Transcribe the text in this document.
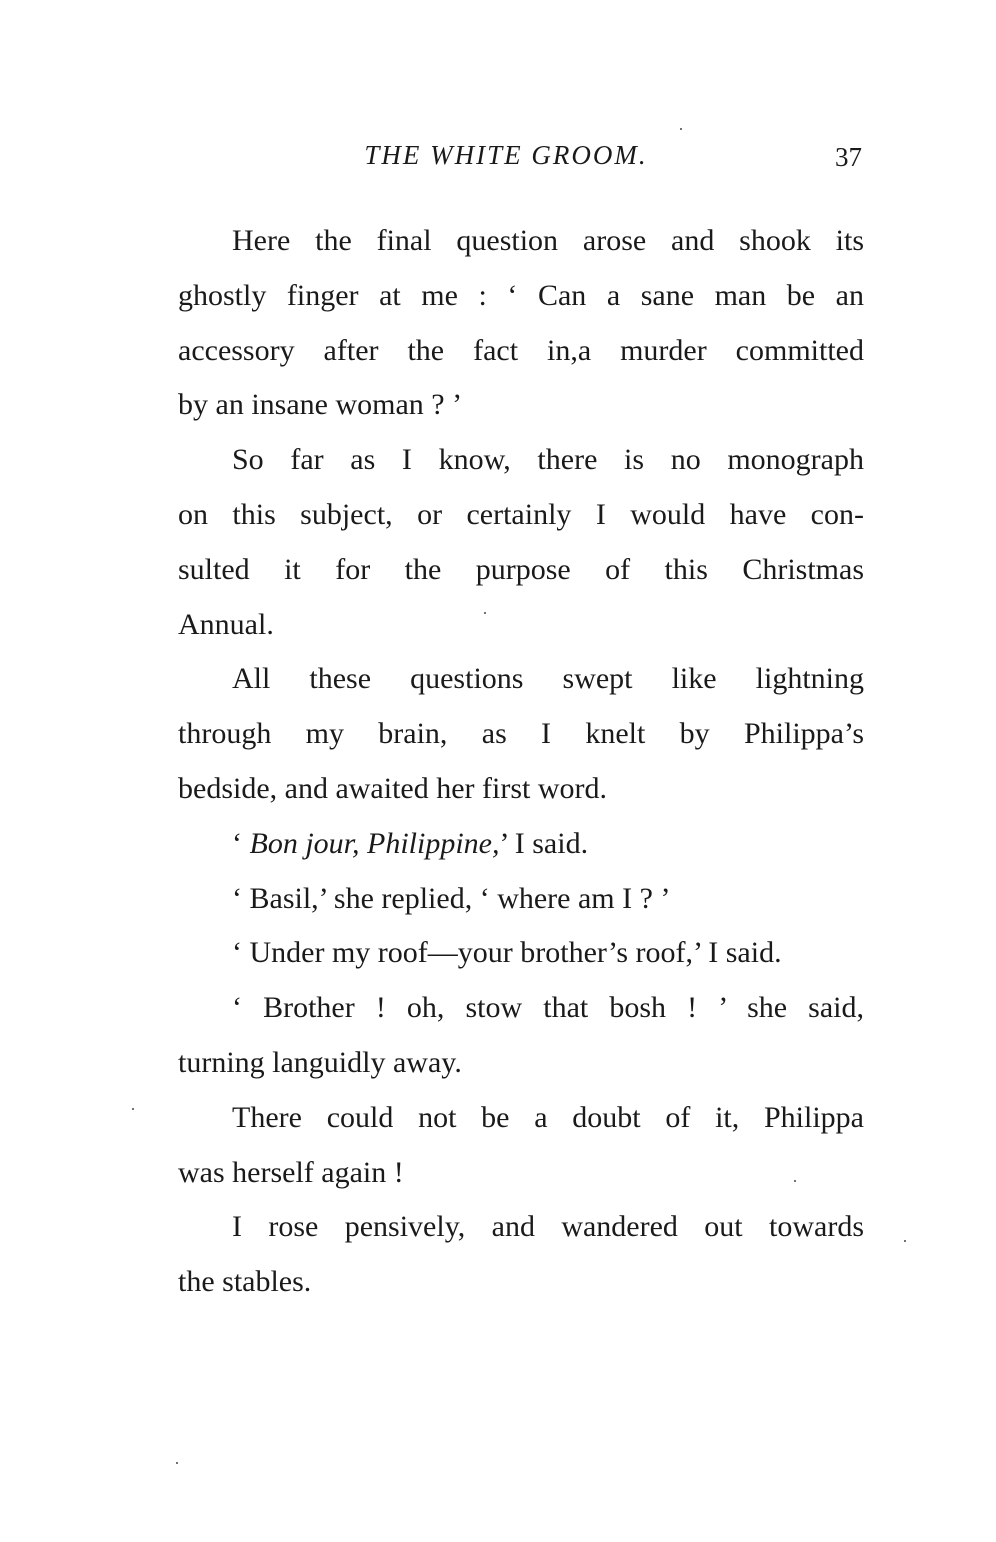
THE WHITE GROOM.	37

Here the final question arose and shook its
ghostly finger at me : ‘ Can a sane man be an
accessory after the fact in,a murder committed
by an insane woman ? ’

So far as I know, there is no monograph
on this subject, or certainly I would have con-
sulted it for the purpose of this Christmas
Annual.

All these questions swept like lightning
through my brain, as I knelt by Philippa’s
bedside, and awaited her first word.

‘ Bon jour, Philippine,’ I said.

‘ Basil,’ she replied, ‘ where am I ? ’

‘ Under my roof—your brother’s roof,’ I said.

‘ Brother ! oh, stow that bosh ! ’ she said,
turning languidly away.

There could not be a doubt of it, Philippa
was herself again !

I rose pensively, and wandered out towards
the stables.
